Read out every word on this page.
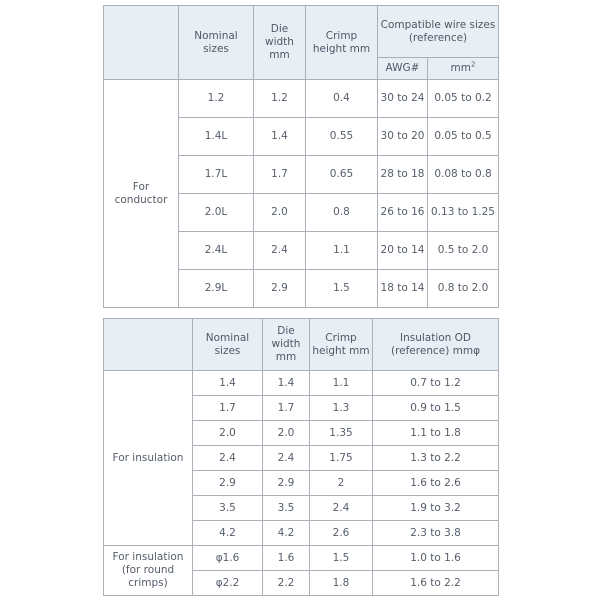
	Nominal sizes	Die width mm	Crimp height mm	Compatible wire sizes (reference)	
				AWG#	$mm^2$
For conductor	1.2	1.2	0.4	30 to 24	0.05 to 0.2
	1.4L	1.4	0.55	30 to 20	0.05 to 0.5
	1.7L	1.7	0.65	28 to 18	0.08 to 0.8
	2.0L	2.0	0.8	26 to 16	0.13 to 1.25
	2.4L	2.4	1.1	20 to 14	0.5 to 2.0
	2.9L	2.9	1.5	18 to 14	0.8 to 2.0
	Nominal sizes	Die width mm	Crimp height mm	Insulation OD (reference) mmφ
For insulation	1.4	1.4	1.1	0.7 to 1.2
	1.7	1.7	1.3	0.9 to 1.5
	2.0	2.0	1.35	1.1 to 1.8
	2.4	2.4	1.75	1.3 to 2.2
	2.9	2.9	2	1.6 to 2.6
	3.5	3.5	2.4	1.9 to 3.2
	4.2	4.2	2.6	2.3 to 3.8
For insulation (for round crimps)	φ1.6	1.6	1.5	1.0 to 1.6
	φ2.2	2.2	1.8	1.6 to 2.2
